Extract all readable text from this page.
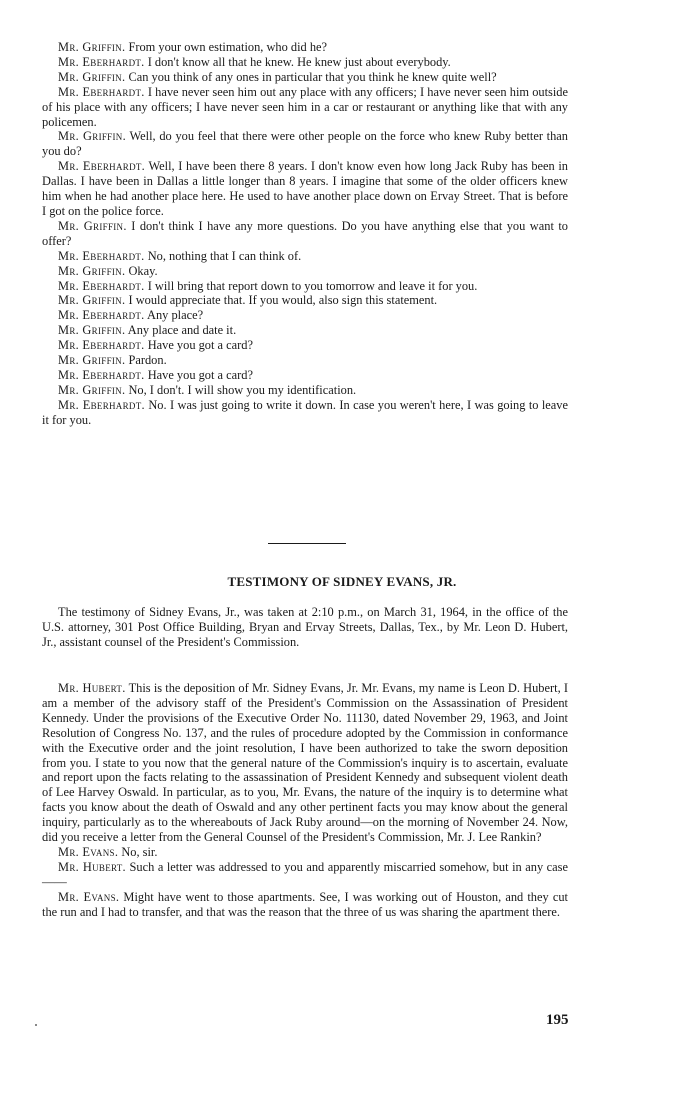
Mr. Griffin. From your own estimation, who did he?

Mr. Eberhardt. I don't know all that he knew. He knew just about everybody.

Mr. Griffin. Can you think of any ones in particular that you think he knew quite well?

Mr. Eberhardt. I have never seen him out any place with any officers; I have never seen him outside of his place with any officers; I have never seen him in a car or restaurant or anything like that with any policemen.

Mr. Griffin. Well, do you feel that there were other people on the force who knew Ruby better than you do?

Mr. Eberhardt. Well, I have been there 8 years. I don't know even how long Jack Ruby has been in Dallas. I have been in Dallas a little longer than 8 years. I imagine that some of the older officers knew him when he had another place here. He used to have another place down on Ervay Street. That is before I got on the police force.

Mr. Griffin. I don't think I have any more questions. Do you have anything else that you want to offer?

Mr. Eberhardt. No, nothing that I can think of.

Mr. Griffin. Okay.

Mr. Eberhardt. I will bring that report down to you tomorrow and leave it for you.

Mr. Griffin. I would appreciate that. If you would, also sign this statement.

Mr. Eberhardt. Any place?

Mr. Griffin. Any place and date it.

Mr. Eberhardt. Have you got a card?

Mr. Griffin. Pardon.

Mr. Eberhardt. Have you got a card?

Mr. Griffin. No, I don't. I will show you my identification.

Mr. Eberhardt. No. I was just going to write it down. In case you weren't here, I was going to leave it for you.

TESTIMONY OF SIDNEY EVANS, JR.

The testimony of Sidney Evans, Jr., was taken at 2:10 p.m., on March 31, 1964, in the office of the U.S. attorney, 301 Post Office Building, Bryan and Ervay Streets, Dallas, Tex., by Mr. Leon D. Hubert, Jr., assistant counsel of the President's Commission.

Mr. Hubert. This is the deposition of Mr. Sidney Evans, Jr. Mr. Evans, my name is Leon D. Hubert, I am a member of the advisory staff of the President's Commission on the Assassination of President Kennedy. Under the provisions of the Executive Order No. 11130, dated November 29, 1963, and Joint Resolution of Congress No. 137, and the rules of procedure adopted by the Commission in conformance with the Executive order and the joint resolution, I have been authorized to take the sworn deposition from you. I state to you now that the general nature of the Commission's inquiry is to ascertain, evaluate and report upon the facts relating to the assassination of President Kennedy and subsequent violent death of Lee Harvey Oswald. In particular, as to you, Mr. Evans, the nature of the inquiry is to determine what facts you know about the death of Oswald and any other pertinent facts you may know about the general inquiry, particularly as to the whereabouts of Jack Ruby around—on the morning of November 24. Now, did you receive a letter from the General Counsel of the President's Commission, Mr. J. Lee Rankin?

Mr. Evans. No, sir.

Mr. Hubert. Such a letter was addressed to you and apparently miscarried somehow, but in any case——

Mr. Evans. Might have went to those apartments. See, I was working out of Houston, and they cut the run and I had to transfer, and that was the reason that the three of us was sharing the apartment there.

195
